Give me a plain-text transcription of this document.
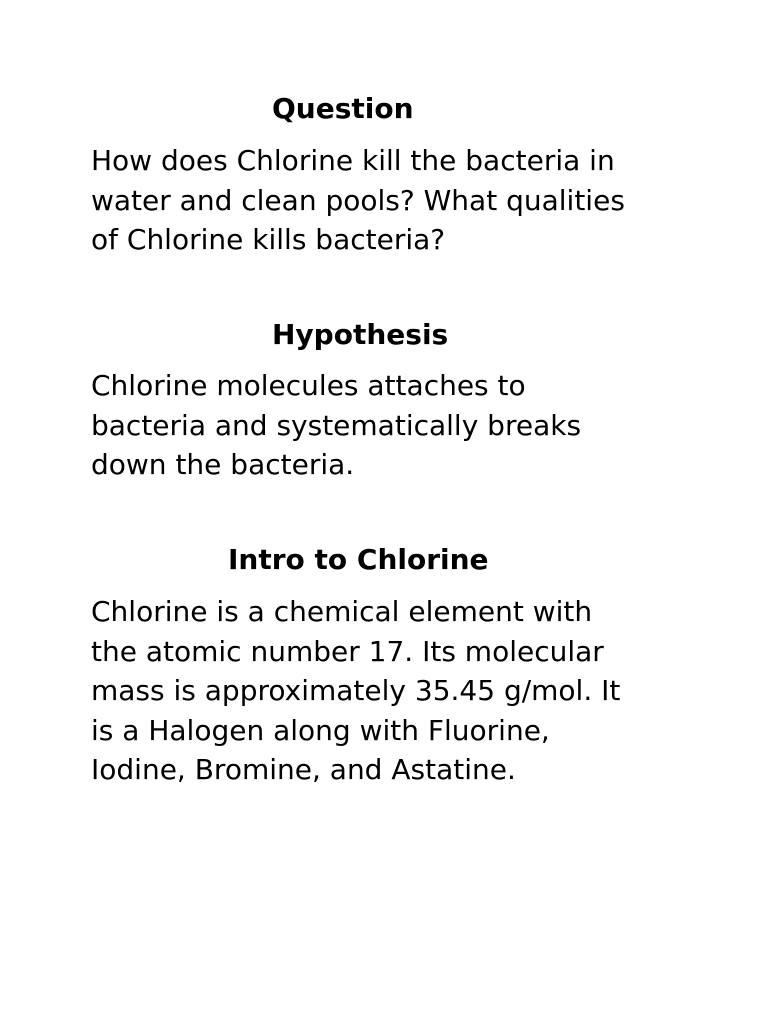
Question

How does Chlorine kill the bacteria in
water and clean pools? What qualities
of Chlorine kills bacteria?

Hypothesis

Chlorine molecules attaches to
bacteria and systematically breaks
down the bacteria.

Intro to Chlorine

Chlorine is a chemical element with
the atomic number 17. Its molecular
mass is approximately 35.45 g/mol. It
is a Halogen along with Fluorine,
Iodine, Bromine, and Astatine.
